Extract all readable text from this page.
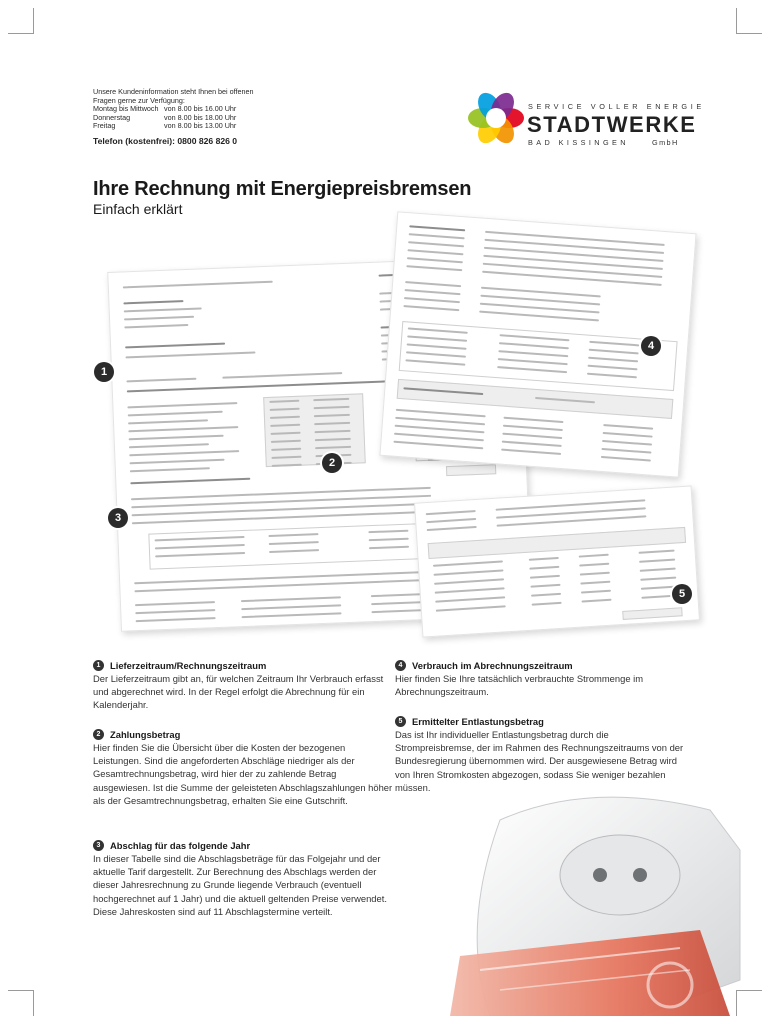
Unsere Kundeninformation steht Ihnen bei offenen Fragen gerne zur Verfügung:
Montag bis Mittwoch von 8.00 bis 16.00 Uhr
Donnerstag	von 8.00 bis 18.00 Uhr
Freitag	von 8.00 bis 13.00 Uhr
Telefon (kostenfrei): 0800 826 826 0
SERVICE VOLLER ENERGIE
STADTWERKE
BAD KISSINGEN	GmbH
Ihre Rechnung mit Energiepreisbremsen
Einfach erklärt
1
2
3
4
5
1	Lieferzeitraum/Rechnungszeitraum
Der Lieferzeitraum gibt an, für welchen Zeitraum Ihr Verbrauch erfasst und abgerechnet wird. In der Regel erfolgt die Abrechnung für ein Kalenderjahr.
2	Zahlungsbetrag
Hier finden Sie die Übersicht über die Kosten der bezogenen Leistungen. Sind die angeforderten Abschläge niedriger als der Gesamtrechnungsbetrag, wird hier der zu zahlende Betrag ausgewiesen. Ist die Summe der geleisteten Abschlagszahlungen höher als der Gesamtrechnungsbetrag, erhalten Sie eine Gutschrift.
3	Abschlag für das folgende Jahr
In dieser Tabelle sind die Abschlagsbeträge für das Folgejahr und der aktuelle Tarif dargestellt. Zur Berechnung des Abschlags werden der dieser Jahresrechnung zu Grunde liegende Verbrauch (eventuell hochgerechnet auf 1 Jahr) und die aktuell geltenden Preise verwendet. Diese Jahreskosten sind auf 11 Abschlagstermine verteilt.
4	Verbrauch im Abrechnungszeitraum
Hier finden Sie Ihre tatsächlich verbrauchte Strommenge im Abrechnungszeitraum.
5	Ermittelter Entlastungsbetrag
Das ist Ihr individueller Entlastungsbetrag durch die Strompreisbremse, der im Rahmen des Rechnungszeitraums von der Bundesregierung übernommen wird. Der ausgewiesene Betrag wird von Ihren Stromkosten abgezogen, sodass Sie weniger bezahlen müssen.
